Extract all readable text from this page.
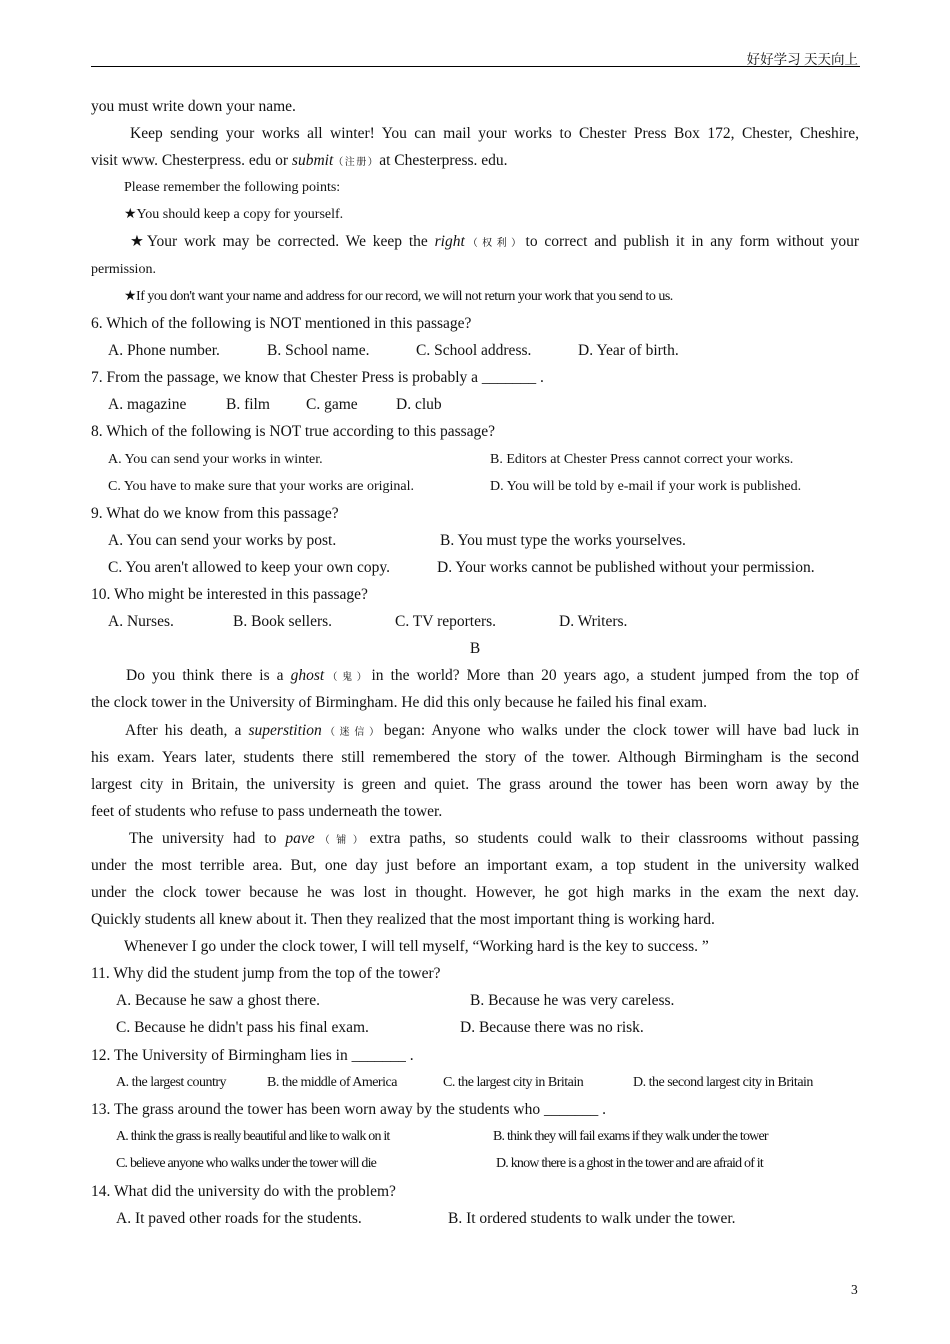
好好学习 天天向上
you must write down your name.
Keep sending your works all winter! You can mail your works to Chester Press Box 172, Chester, Cheshire,
visit www. Chesterpress. edu or submit（注册）at Chesterpress. edu.
Please remember the following points:
★You should keep a copy for yourself.
★Your work may be corrected. We keep the right（权利）to correct and publish it in any form without your
permission.
★If you don't want your name and address for our record, we will not return your work that you send to us.
6. Which of the following is NOT mentioned in this passage?
A. Phone number.	B. School name.	C. School address.	D. Year of birth.
7. From the passage, we know that Chester Press is probably a _______ .
A. magazine	B. film C. game D. club
8. Which of the following is NOT true according to this passage?
A. You can send your works in winter.	B. Editors at Chester Press cannot correct your works.
C. You have to make sure that your works are original.	D. You will be told by e-mail if your work is published.
9. What do we know from this passage?
A. You can send your works by post.	B. You must type the works yourselves.
C. You aren't allowed to keep your own copy.	D. Your works cannot be published without your permission.
10. Who might be interested in this passage?
A. Nurses.	B. Book sellers.	C. TV reporters.	D. Writers.
B
Do you think there is a ghost（鬼）in the world? More than 20 years ago, a student jumped from the top of
the clock tower in the University of Birmingham. He did this only because he failed his final exam.
After his death, a superstition（迷信）began: Anyone who walks under the clock tower will have bad luck in
his exam. Years later, students there still remembered the story of the tower. Although Birmingham is the second
largest city in Britain, the university is green and quiet. The grass around the tower has been worn away by the
feet of students who refuse to pass underneath the tower.
The university had to pave（铺）extra paths, so students could walk to their classrooms without passing
under the most terrible area. But, one day just before an important exam, a top student in the university walked
under the clock tower because he was lost in thought. However, he got high marks in the exam the next day.
Quickly students all knew about it. Then they realized that the most important thing is working hard.
Whenever I go under the clock tower, I will tell myself, “Working hard is the key to success. ”
11. Why did the student jump from the top of the tower?
A. Because he saw a ghost there.	B. Because he was very careless.
C. Because he didn't pass his final exam.	D. Because there was no risk.
12. The University of Birmingham lies in _______ .
A. the largest country	B. the middle of America	C. the largest city in Britain	D. the second largest city in Britain
13. The grass around the tower has been worn away by the students who _______ .
A. think the grass is really beautiful and like to walk on it	B. think they will fail exams if they walk under the tower
C. believe anyone who walks under the tower will die	D. know there is a ghost in the tower and are afraid of it
14. What did the university do with the problem?
A. It paved other roads for the students.	B. It ordered students to walk under the tower.
3
